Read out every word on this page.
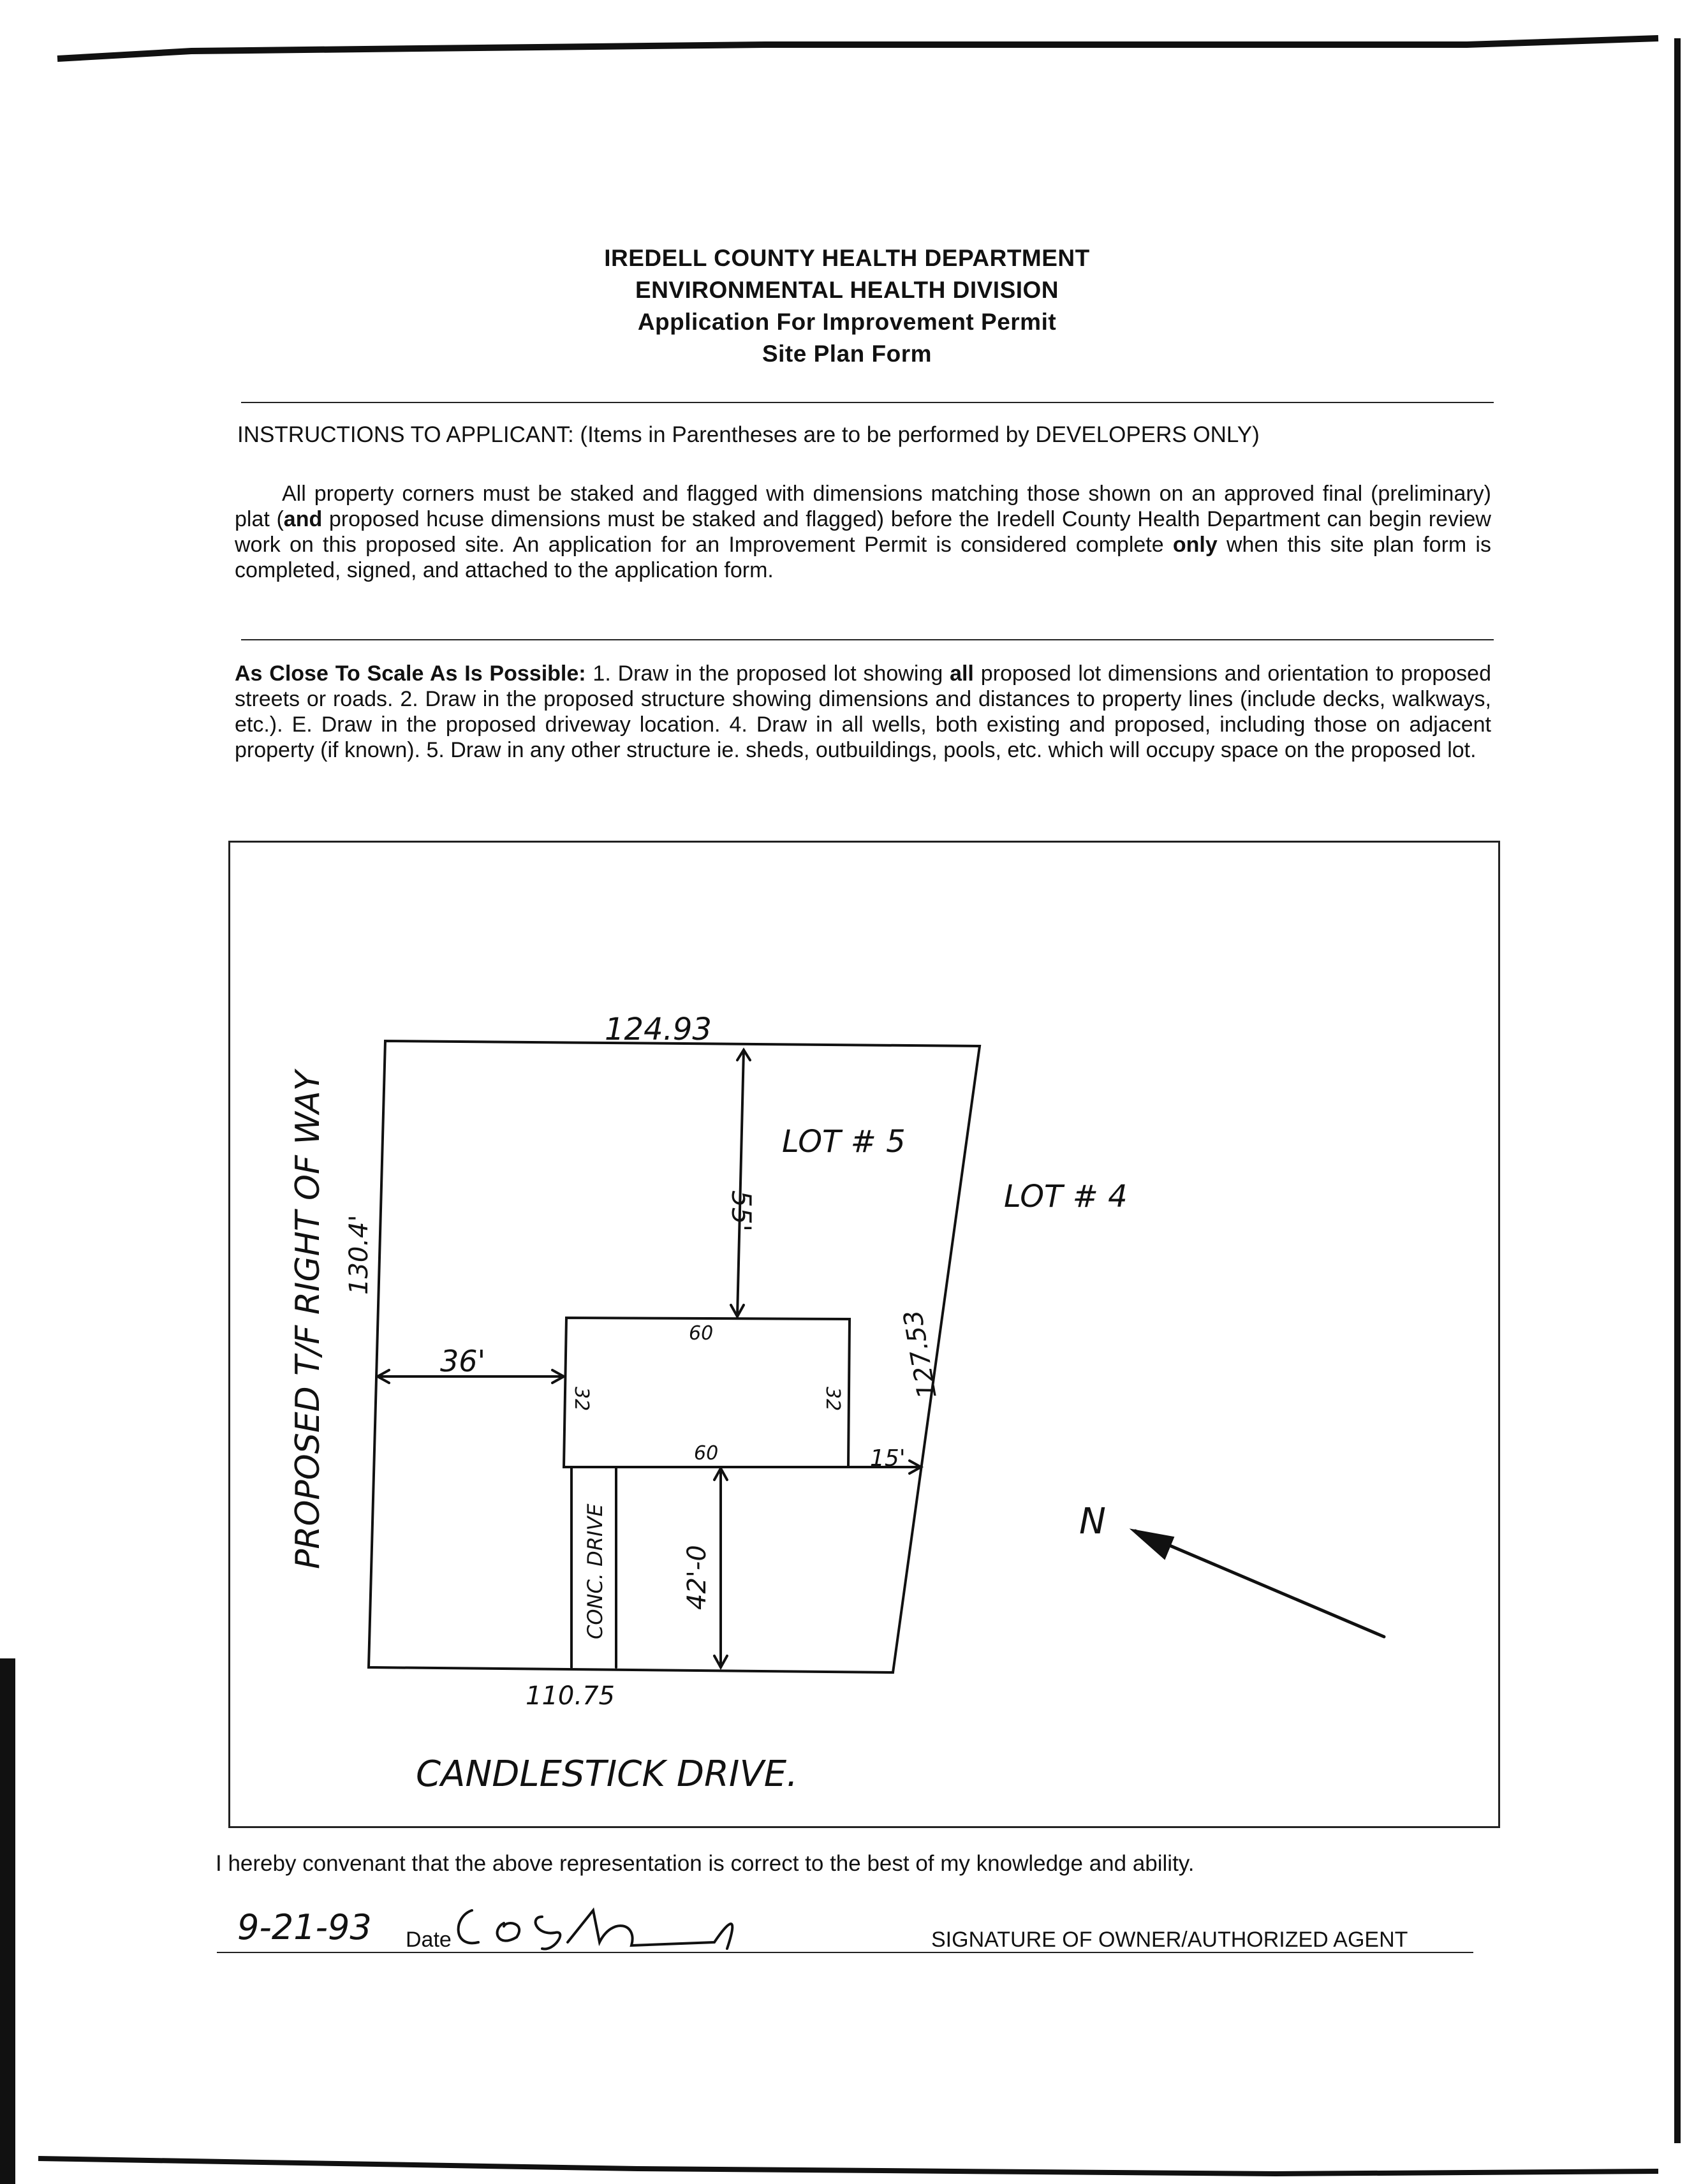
IREDELL COUNTY HEALTH DEPARTMENT
ENVIRONMENTAL HEALTH DIVISION
Application For Improvement Permit
Site Plan Form
INSTRUCTIONS TO APPLICANT: (Items in Parentheses are to be performed by DEVELOPERS ONLY)
All property corners must be staked and flagged with dimensions matching those shown on an approved final (preliminary) plat (and proposed hcuse dimensions must be staked and flagged) before the Iredell County Health Department can begin review work on this proposed site. An application for an Improvement Permit is considered complete only when this site plan form is completed, signed, and attached to the application form.
As Close To Scale As Is Possible: 1. Draw in the proposed lot showing all proposed lot dimensions and orientation to proposed streets or roads. 2. Draw in the proposed structure showing dimensions and distances to property lines (include decks, walkways, etc.). E. Draw in the proposed driveway location. 4. Draw in all wells, both existing and proposed, including those on adjacent property (if known). 5. Draw in any other structure ie. sheds, outbuildings, pools, etc. which will occupy space on the proposed lot.
124.93
130.4'
127.53
110.75
LOT # 5
LOT # 4
PROPOSED T/F RIGHT OF WAY
CANDLESTICK DRIVE.
60
60
32	32
55'
36'
15'
42'-0
CONC. DRIVE	N
I hereby convenant that the above representation is correct to the best of my knowledge and ability.
9-21-93 Date	SIGNATURE OF OWNER/AUTHORIZED AGENT
